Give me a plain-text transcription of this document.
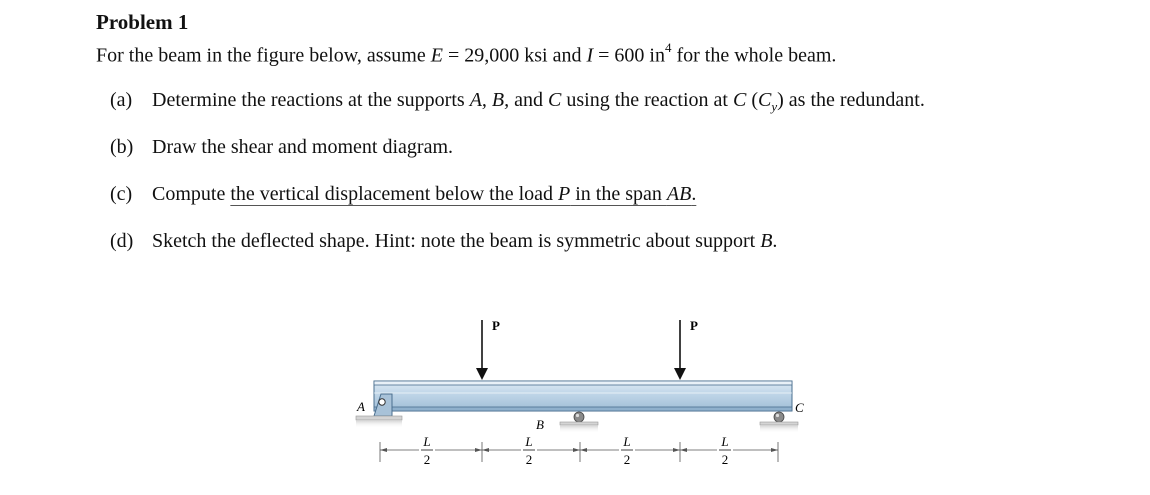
Problem 1
For the beam in the figure below, assume E = 29,000 ksi and I = 600 $in^4$ for the whole beam.
(a) Determine the reactions at the supports A, B, and C using the reaction at C $(C_y)$ as the redundant.
(b) Draw the shear and moment diagram.
(c) Compute the vertical displacement below the load P in the span AB.
(d) Sketch the deflected shape. Hint: note the beam is symmetric about support B.
P	P
A
B
C
L
2
L
2
L
2
L
2
